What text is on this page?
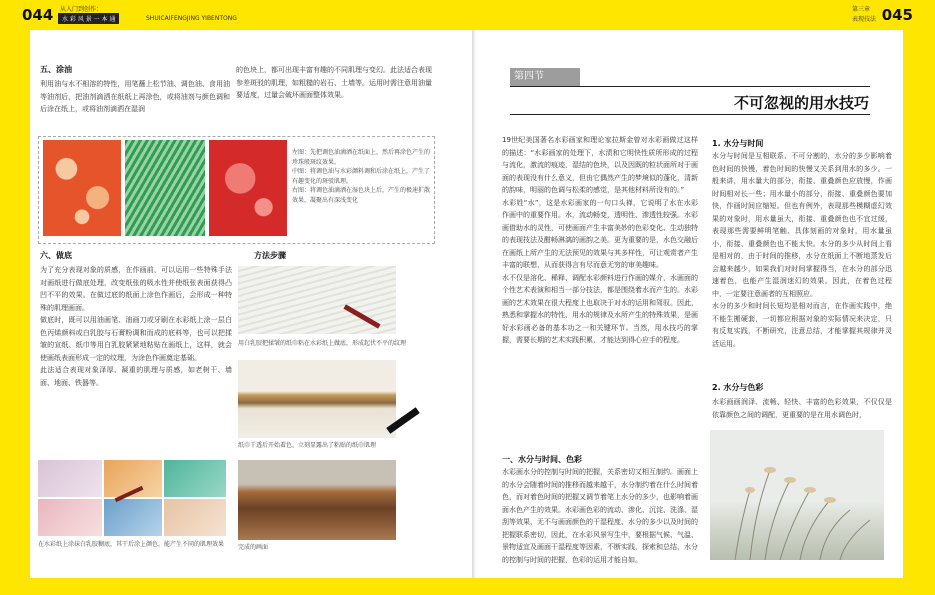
044 从入门到创作：
水 彩 风 景 一 本 通	SHUICAIFENGJING YIBENTONG
第三章
表现技法 045
五、涂油
利用油与水不相溶的特性，用笔蘸上松节油、调色油、食用油等油剂后，把油剂滴洒在纸纸上再涂色，或将油剂与颜色调和后涂在纸上，或将油剂滴洒在湿润
的色块上，都可出现丰富有趣的不同肌理与变幻。此法适合表现参差斑驳的肌理，如粗糙的岩石、土墙等。运用时需注意用油量要适度，过量会破坏画面整体效果。
左图：先把调色油滴洒在纸面上，然后再涂色产生的珍珠般斑纹效果。
中图：将调色油与水彩颜料调和后涂在纸上，产生了有趣变化的斑驳肌理。
右图：将调色油滴洒在湿色块上后，产生的极速扩散效果，凝聚出有深浅变化
六、做底
为了充分表现对象的质感，在作画前，可以运用一些特殊手法对画纸进行做底处理，改变纸张的吸水性并使纸张表面获得凸凹不平的效果。在做过底的纸面上涂色作画后，会形成一种特殊的肌理画面。
做底时，既可以用油画笔、油画刀或牙刷在水彩纸上涂一层白色丙烯颜料或白乳胶与石膏粉调和而成的底料等，也可以把揉皱的宣纸、纸巾等用白乳胶紧紧地粘贴在画纸上，这样，就会使画纸表面形成一定的纹理，为涂色作画奠定基础。
此法适合表现对象泽厚、凝重的肌理与质感，如老树干、墙面、地面、铁器等。
在水彩纸上涂抹白乳胶糊底，其干后涂上颜色，能产生不同的肌理效果
方法步骤
用白乳胶把揉皱的纸巾粘在水彩纸上做底，形成起伏不平的纹理
纸巾干透后开始着色，立刻显露出了粘贴的纸巾肌理
完成的画面
第四节
不可忽视的用水技巧
19世纪美国著名水彩画家和理论家拉斯金曾对水彩画做过这样的描述：“水彩画家的处理下，水渍和它明快性质所形成的过程与流化，激流的痕迹，湿结的色块，以及因既的粒状面所对于画面的表现没有什么意义，但由它偶然产生的梦境似的蓬化，清新的韵味，明丽的色调与松柔的感觉，是其他材料所没有的。”
水彩姓“水”，这是水彩画家的一句口头禅，它说明了水在水彩作画中的重要作用。水，流动畅变，透明性、渗透性较强。水彩画借助水的灵性，可使画面产生丰富美妙的色彩变化、生动独特的表现技法及酣畅淋漓的画韵之美。更为重要的是，水色交融后在画纸上所产生的无法预见的效果与其多样性，可让观赏者产生丰富的联想，从而获得言有尽而意无穷的审美趣味。
水不仅是溶化、稀释、调配水彩颜料进行作画的媒介，水画面的个性艺术表演和相当一部分技法，都是围绕着水而产生的。水彩画的艺术效果在很大程度上也取决于对水的运用和驾驭。因此，熟悉和掌握水的特性、用水的规律及水所产生的特殊效果，是画好水彩画必备的基本功之一和关键环节。当然，用水技巧的掌握，需要长期的艺术实践积累，才能达到得心应手的程度。
一、水分与时间、色彩
水彩画水分的控制与时间的把握，关系密切又相互制约。画面上的水分会随着时间的推移而越来越干，水分制约着在什么时间着色，而对着色时间的把握又调节着笔上水分的多少，也影响着画面水色产生的效果。水彩画色彩的流动、渗化、沉淀、洗涤、湿刮等效果，无不与画面颜色的干湿程度、水分的多少以及时间的把握联系密切，因此，在水彩风景写生中，要根据气候、气温、景物适宜及画面干湿程度等因素，不断实践，探索和总结，水分的控制与时间的把握，色彩的运用才能自如。
1. 水分与时间
水分与时间是互相联系、不可分割的，水分的多少影响着色时间的快慢，着色时间的快慢又关系到用水的多少。一般来讲，用水量大的部分，衔接、重叠颜色应放慢，作画时间相对长一些；用水量小的部分，衔接、重叠颜色要加快，作画时间应缩短。但也有例外，表现那些模糊虚幻效果的对象时，用水量虽大，衔接、重叠颜色也不宜过缓，表现那些需要鲜明笔触、具体刻画的对象时，用水量虽小，衔接、重叠颜色也不能太快。水分的多少从时间上看是相对的，由于时间的推移，水分在纸面上不断地蒸发后会越来越少，如果我们对时间掌握得当，在水分的部分迅速着色，也能产生湿润迷幻的效果。因此，在着色过程中，一定要注意画者的互相照应。
水分的多少和时间长短均是相对而言，在作画实践中，绝不能生搬硬套，一切都应根据对象的实际情况来决定，只有反复实践，不断研究，注意总结，才能掌握其规律并灵活运用。
2. 水分与色彩
水彩画画润泽、流畅、轻快、丰富的色彩效果，不仅仅是依靠颜色之间的调配，更重要的是在用水调色时，
